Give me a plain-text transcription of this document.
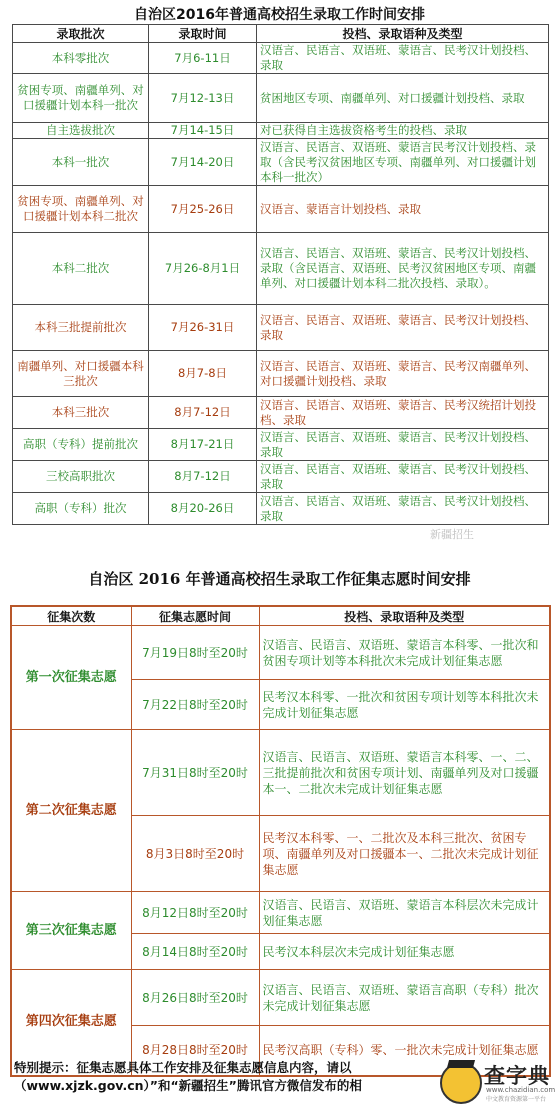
自治区2016年普通高校招生录取工作时间安排
录取批次	录取时间	投档、录取语种及类型
本科零批次	7月6-11日	汉语言、民语言、双语班、蒙语言、民考汉计划投档、录取
贫困专项、南疆单列、对口援疆计划本科一批次	7月12-13日	贫困地区专项、南疆单列、对口援疆计划投档、录取
自主选拔批次	7月14-15日	对已获得自主选拔资格考生的投档、录取
本科一批次	7月14-20日	汉语言、民语言、双语班、蒙语言民考汉计划投档、录取（含民考汉贫困地区专项、南疆单列、对口援疆计划本科一批次）
贫困专项、南疆单列、对口援疆计划本科二批次	7月25-26日	汉语言、蒙语言计划投档、录取
本科二批次	7月26-8月1日	汉语言、民语言、双语班、蒙语言、民考汉计划投档、录取（含民语言、双语班、民考汉贫困地区专项、南疆单列、对口援疆计划本科二批次投档、录取）。
本科三批提前批次	7月26-31日	汉语言、民语言、双语班、蒙语言、民考汉计划投档、录取
南疆单列、对口援疆本科三批次	8月7-8日	汉语言、民语言、双语班、蒙语言、民考汉南疆单列、对口援疆计划投档、录取
本科三批次	8月7-12日	汉语言、民语言、双语班、蒙语言、民考汉统招计划投档、录取
高职（专科）提前批次	8月17-21日	汉语言、民语言、双语班、蒙语言、民考汉计划投档、录取
三校高职批次	8月7-12日	汉语言、民语言、双语班、蒙语言、民考汉计划投档、录取
高职（专科）批次	8月20-26日	汉语言、民语言、双语班、蒙语言、民考汉计划投档、录取
新疆招生
自治区 2016 年普通高校招生录取工作征集志愿时间安排
征集次数	征集志愿时间	投档、录取语种及类型
第一次征集志愿	7月19日8时至20时	汉语言、民语言、双语班、蒙语言本科零、一批次和贫困专项计划等本科批次未完成计划征集志愿
	7月22日8时至20时	民考汉本科零、一批次和贫困专项计划等本科批次未完成计划征集志愿
第二次征集志愿	7月31日8时至20时	汉语言、民语言、双语班、蒙语言本科零、一、二、三批提前批次和贫困专项计划、南疆单列及对口援疆本一、二批次未完成计划征集志愿
	8月3日8时至20时	民考汉本科零、一、二批次及本科三批次、贫困专项、南疆单列及对口援疆本一、二批次未完成计划征集志愿
第三次征集志愿	8月12日8时至20时	汉语言、民语言、双语班、蒙语言本科层次未完成计划征集志愿
	8月14日8时至20时	民考汉本科层次未完成计划征集志愿
第四次征集志愿	8月26日8时至20时	汉语言、民语言、双语班、蒙语言高职（专科）批次未完成计划征集志愿
	8月28日8时至20时	民考汉高职（专科）零、一批次未完成计划征集志愿
特别提示：征集志愿具体工作安排及征集志愿信息内容，请以
（www.xjzk.gov.cn）”和“新疆招生”腾讯官方微信发布的相	查字典
www.chazidian.com
中文教育资源第一平台
